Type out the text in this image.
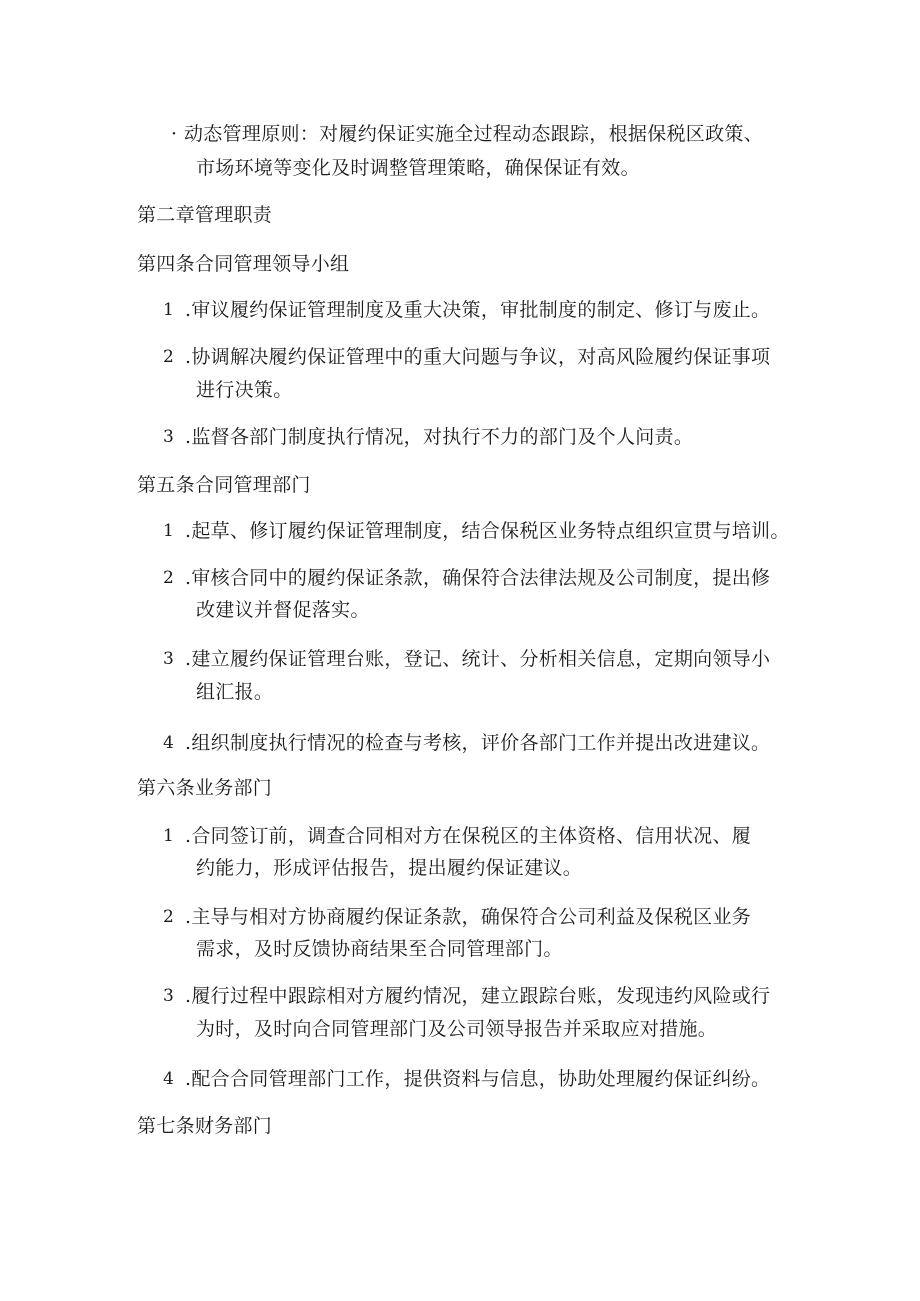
· 动态管理原则：对履约保证实施全过程动态跟踪，根据保税区政策、
市场环境等变化及时调整管理策略，确保保证有效。
第二章管理职责
第四条合同管理领导小组
1 .审议履约保证管理制度及重大决策，审批制度的制定、修订与废止。
2 .协调解决履约保证管理中的重大问题与争议，对高风险履约保证事项
进行决策。
3 .监督各部门制度执行情况，对执行不力的部门及个人问责。
第五条合同管理部门
1 .起草、修订履约保证管理制度，结合保税区业务特点组织宣贯与培训。
2 .审核合同中的履约保证条款，确保符合法律法规及公司制度，提出修
改建议并督促落实。
3 .建立履约保证管理台账，登记、统计、分析相关信息，定期向领导小
组汇报。
4 .组织制度执行情况的检查与考核，评价各部门工作并提出改进建议。
第六条业务部门
1 .合同签订前，调查合同相对方在保税区的主体资格、信用状况、履
约能力，形成评估报告，提出履约保证建议。
2 .主导与相对方协商履约保证条款，确保符合公司利益及保税区业务
需求，及时反馈协商结果至合同管理部门。
3 .履行过程中跟踪相对方履约情况，建立跟踪台账，发现违约风险或行
为时，及时向合同管理部门及公司领导报告并采取应对措施。
4 .配合合同管理部门工作，提供资料与信息，协助处理履约保证纠纷。
第七条财务部门
